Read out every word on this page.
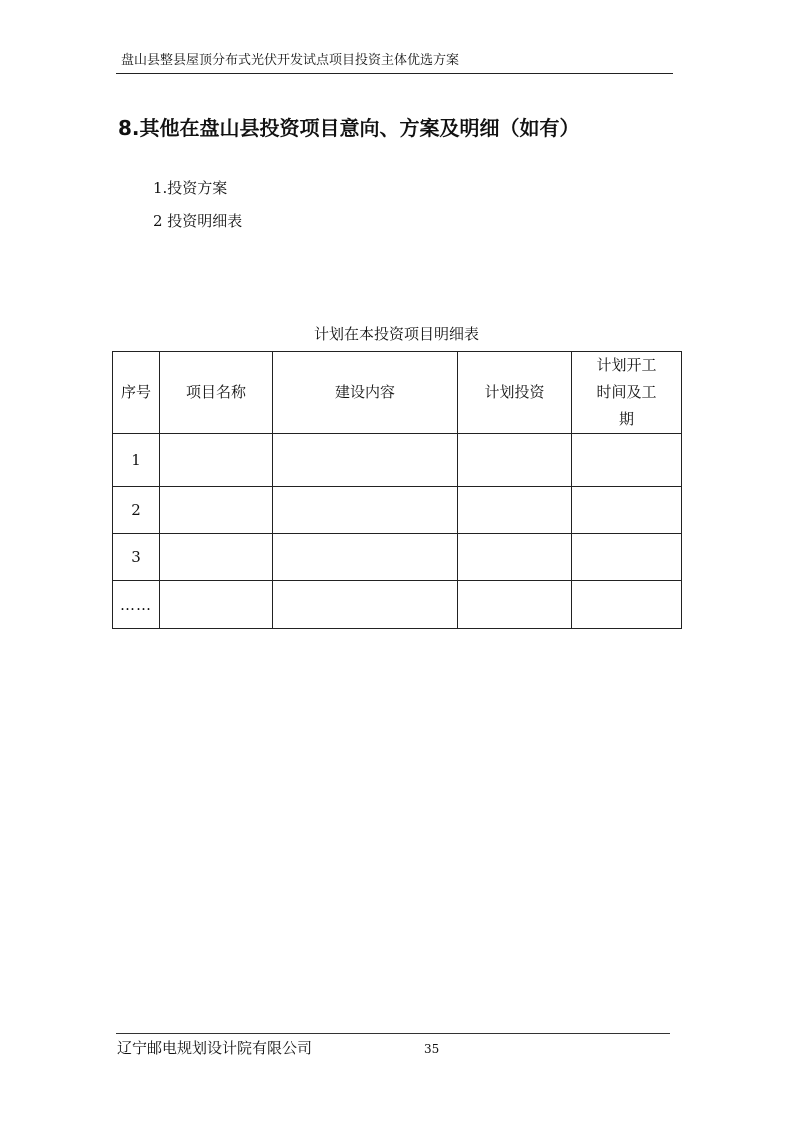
盘山县整县屋顶分布式光伏开发试点项目投资主体优选方案
8.其他在盘山县投资项目意向、方案及明细（如有）
1.投资方案
2 投资明细表
计划在本投资项目明细表
序号	项目名称	建设内容	计划投资	计划开工时间及工期
1				
2				
3				
……				
辽宁邮电规划设计院有限公司	35
